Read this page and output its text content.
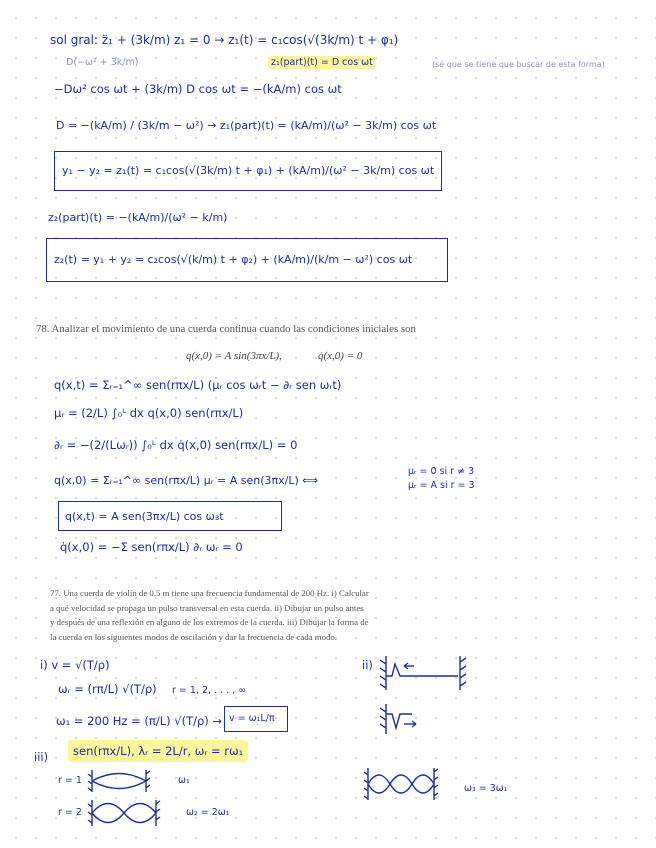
sol gral: z̈₁ + (3k/m) z₁ = 0 → z₁(t) = c₁cos(√(3k/m) t + φ₁)
D(−ω² + 3k/m)	z₁(part)(t) = D cos ωt	(sé que se tiene que buscar de esta forma)
−Dω² cos ωt + (3k/m) D cos ωt = −(kA/m) cos ωt
D = −(kA/m) / (3k/m − ω²) → z₁(part)(t) = (kA/m)/(ω² − 3k/m) cos ωt
y₁ − y₂ = z₁(t) = c₁cos(√(3k/m) t + φ₁) + (kA/m)/(ω² − 3k/m) cos ωt
z₂(part)(t) = −(kA/m)/(ω² − k/m)
z₂(t) = y₁ + y₂ = c₂cos(√(k/m) t + φ₂) + (kA/m)/(k/m − ω²) cos ωt
78. Analizar el movimiento de una cuerda continua cuando las condiciones iniciales son
q(x,0) = A sin(3πx/L),	q̇(x,0) = 0
q(x,t) = Σᵣ₌₁^∞ sen(rπx/L) (μᵣ cos ωᵣt − ∂ᵣ sen ωᵣt)
μᵣ = (2/L) ∫₀ᴸ dx q(x,0) sen(rπx/L)
∂ᵣ = −(2/(Lωᵣ)) ∫₀ᴸ dx q̇(x,0) sen(rπx/L) = 0
q(x,0) = Σᵣ₌₁^∞ sen(rπx/L) μᵣ = A sen(3πx/L) ⟺
μᵣ = 0 si r ≠ 3
μᵣ = A si r = 3
q(x,t) = A sen(3πx/L) cos ω₃t
q̇(x,0) = −Σ sen(rπx/L) ∂ᵣ ωᵣ = 0
77. Una cuerda de violín de 0.5 m tiene una frecuencia fundamental de 200 Hz. i) Calcular
a qué velocidad se propaga un pulso transversal en esta cuerda. ii) Dibujar un pulso antes
y después de una reflexión en alguno de los extremos de la cuerda. iii) Dibujar la forma de
la cuerda en los siguientes modos de oscilación y dar la frecuencia de cada modo.
i) v = √(T/ρ)
ωᵣ = (rπ/L) √(T/ρ) r = 1, 2, . . . , ∞
ω₁ = 200 Hz = (π/L) √(T/ρ) → v = ω₁L/π
ii)
iii)	sen(rπx/L), λᵣ = 2L/r, ωᵣ = rω₁
r = 1	ω₁
r = 2	ω₂ = 2ω₁
ω₃ = 3ω₁
